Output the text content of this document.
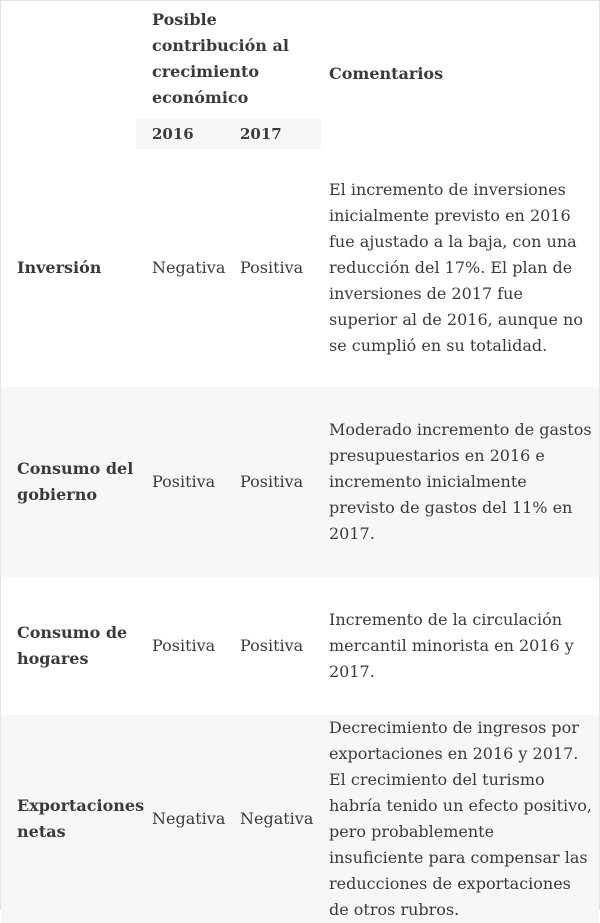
	Posible contribución al crecimiento económico		Comentarios

	2016 2017		

Inversión	Negativa	Positiva	El incremento de inversiones inicialmente previsto en 2016 fue ajustado a la baja, con una reducción del 17%. El plan de inversiones de 2017 fue superior al de 2016, aunque no se cumplió en su totalidad.
Consumo del gobierno	Positiva	Positiva	Moderado incremento de gastos presupuestarios en 2016 e incremento inicialmente previsto de gastos del 11% en 2017.
Consumo de hogares	Positiva	Positiva	Incremento de la circulación mercantil minorista en 2016 y 2017.
Exportaciones netas	Negativa	Negativa	Decrecimiento de ingresos por exportaciones en 2016 y 2017. El crecimiento del turismo habría tenido un efecto positivo, pero probablemente insuficiente para compensar las reducciones de exportaciones de otros rubros.
